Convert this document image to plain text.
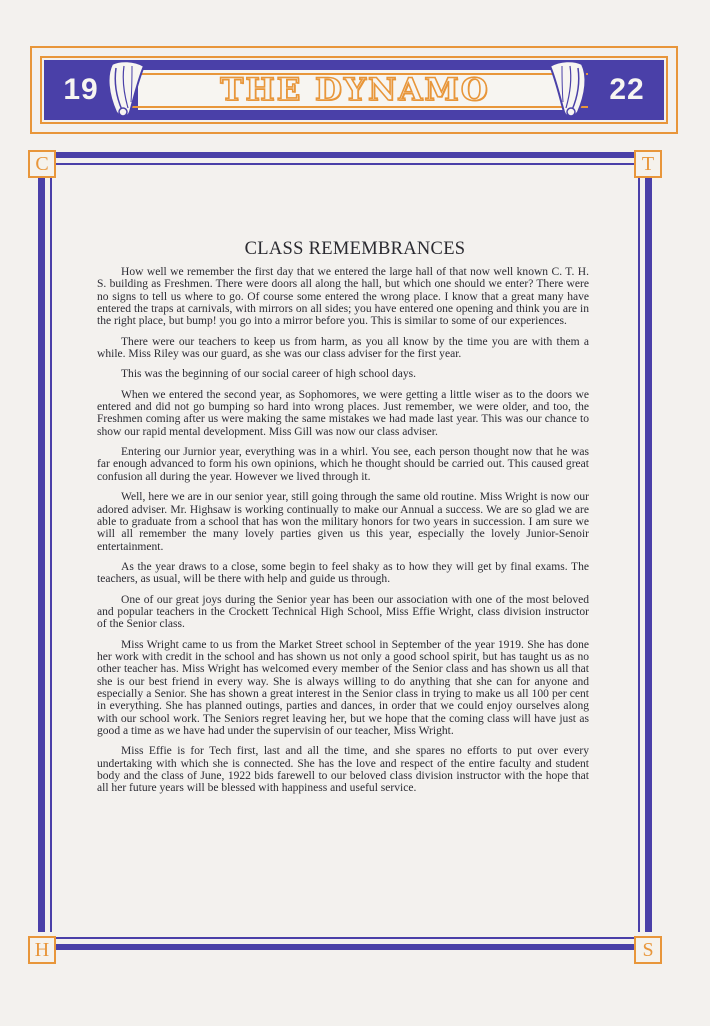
19	22
THE DYNAMO
C	T
H	S
CLASS REMEMBRANCES

How well we remember the first day that we entered the large hall of that now well known C. T. H. S. building as Freshmen. There were doors all along the hall, but which one should we enter? There were no signs to tell us where to go. Of course some entered the wrong place. I know that a great many have entered the traps at carnivals, with mirrors on all sides; you have entered one opening and think you are in the right place, but bump! you go into a mirror before you. This is similar to some of our experiences.

There were our teachers to keep us from harm, as you all know by the time you are with them a while. Miss Riley was our guard, as she was our class adviser for the first year.

This was the beginning of our social career of high school days.

When we entered the second year, as Sophomores, we were getting a little wiser as to the doors we entered and did not go bumping so hard into wrong places. Just remember, we were older, and too, the Freshmen coming after us were making the same mistakes we had made last year. This was our chance to show our rapid mental development. Miss Gill was now our class adviser.

Entering our Jurnior year, everything was in a whirl. You see, each person thought now that he was far enough advanced to form his own opinions, which he thought should be carried out. This caused great confusion all during the year. However we lived through it.

Well, here we are in our senior year, still going through the same old routine. Miss Wright is now our adored adviser. Mr. Highsaw is working continually to make our Annual a success. We are so glad we are able to graduate from a school that has won the military honors for two years in succession. I am sure we will all remember the many lovely parties given us this year, especially the lovely Junior-Senoir entertainment.

As the year draws to a close, some begin to feel shaky as to how they will get by final exams. The teachers, as usual, will be there with help and guide us through.

One of our great joys during the Senior year has been our association with one of the most beloved and popular teachers in the Crockett Technical High School, Miss Effie Wright, class division instructor of the Senior class.

Miss Wright came to us from the Market Street school in September of the year 1919. She has done her work with credit in the school and has shown us not only a good school spirit, but has taught us as no other teacher has. Miss Wright has welcomed every member of the Senior class and has shown us all that she is our best friend in every way. She is always willing to do anything that she can for anyone and especially a Senior. She has shown a great interest in the Senior class in trying to make us all 100 per cent in everything. She has planned outings, parties and dances, in order that we could enjoy ourselves along with our school work. The Seniors regret leaving her, but we hope that the coming class will have just as good a time as we have had under the supervisin of our teacher, Miss Wright.

Miss Effie is for Tech first, last and all the time, and she spares no efforts to put over every undertaking with which she is connected. She has the love and respect of the entire faculty and student body and the class of June, 1922 bids farewell to our beloved class division instructor with the hope that all her future years will be blessed with happiness and useful service.
